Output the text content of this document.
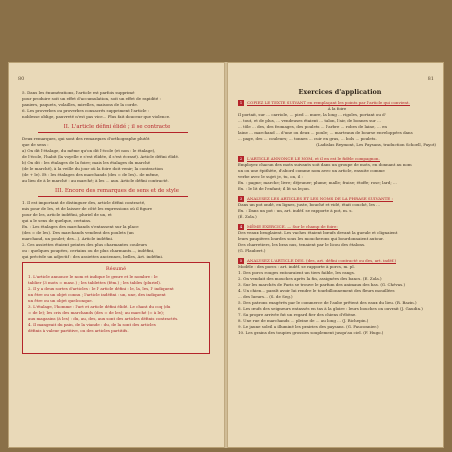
80
5. Dans les énumérations, l'article est parfois supprimé
pour produire soit un effet d'accumulation, soit un effet de rapidité :
paniers, paquets, volailles, mirelles, maisons de la corde.
6. Les proverbes ou proverbes consacrés suppriment l'article :
noblesse oblige, pauvreté n'est pas vice... Plus fait douceur que violence.
II. L'article défini élidé ; il se contracte
Deux remarques, qui sont des remarques d'orthographe plutôt
que de sens :
a) On dit l'étalage, du même qu'on dit l'école (et non : le étalage),
de l'école, l'habit (la voyelle e s'est élidée, il s'est écrasé). Article défini élidé.
b) On dit : les étalages de la foire; mais les étalages du marché
(de le marché), à la veille du jour où la foire doit venir; la contraction
(de + le). Et : les étalages des marchands (des = de les).. de même,
au lieu de à le marché : au marché; à les ... aux. Article défini contracté.
III. Encore des remarques de sens et de style
1. Il est important de distinguer des, article défini contracté,
mis pour de les, et de laisser de côté les expressions où il figure
pour de les, article indéfini, pluriel de un, et
qui a le sens de quelque, certains.
Ex. : Les étalages des marchands s'entassent sur la place
(des = de les). Des marchands vendent des poulets (un
marchand, un poulet; des...). Article indéfini.
2. Ces assiettes étaient peintes des plus charmantes couleurs
ou : quelques poupées, certains ou de plus charmants..., indéfini,
qui précède un adjectif : des assiettes anciennes, belles, Art. indéfini.
Résumé
1. L'article annonce le nom et indique le genre et le nombre : le
tablier (3 mots = masc.) ; les tablettes (fém.) ; les tables (pluriel).
2. Il y a deux sortes d'articles : le l' article défini : le, la, les, l' indiquent
un être ou un objet connu ; l'article indéfini : un, une, des indiquent
un être ou un objet quelconque.
3. L'étalage, l'homme : l'art et article défini élidé. Le chant du coq (du
= de le); les cris des marchands (des = de les); au marché (= à le);
aux magasins (à les) : du, au, des, aux sont des articles définis contractés.
4. Il mangeait du pain, de la viande : du, de la sont des articles
définis à valeur partitive, ou des articles partitifs.
81
Exercices d'application
1 COPIEZ LE TEXTE SUIVANT en remplaçant les points par l'article qui convient.
À la foire
Il portait, sur ... carriole, ... pied ... mure, la long ... rigoles, portant ou d'
... tout, et de plus, ... vendeuses étaient ... talon, l'air, de bonnes sur ...
... tôle ... des, des fromages, des poulets ... l'arbre ... robes de laine, ... en
laine ... marchand ... d'une ou deux ... poule; ... marteaux de bourse enveloppées dans
... page, des ... couleurs; ... tonnes ... cuir en gras, ... bols ... poulets.
(Ladislas Reymont, Les Paysans, traduction Schoell, Payot)
2 L'ARTICLE ANNONCE LE NOM, et il en est le fidèle compagnon.
Employez chacun des mots suivants soit dans un groupe de mots, en donnant au nom
un ou une épithète, d'abord comme nom avec un article, ensuite comme
verbe avec le sujet je, tu, on, il :
Ex. : pagne; marche; livre; déjeuner; plume; malle; fraise; étoffe; rose; lard; ...
Ex. : le lit de l'enfant; il lit sa leçon.
3 ANALYSEZ LES ARTICLES ET LES NOMS DE LA PHRASE SUIVANTE :
Dans un pot ondé, en lignes, juste, bouché et vidé, était couché, les ...
Ex. : Dans un pot : un, art. indéf. se rapporte à pot, m. s.
(É. Zola.)
4 MÊME EXERCICE. — Sur le champ de foire:
Des veaux beuglaient. Les vaches étaient bœufs devant la gueule et clignaient
leurs paupières lourdes sous les moucherons qui bourdonnaient autour.
Des charretiers, les bras nus, tenaient par le licou des étalons.
(G. Flaubert.)
5 ANALYSEZ L'ARTICLE DES. (des, art. défini contracté ou des, art. indéf.)
Modèle : des porcs : art. indéf. se rapporte à porcs, m. pl.
1. Des porcs rouges entouraient un tiers faible, les rangs.
2. On vendait des mouches après la fin, assignées des bancs. (E. Zola.)
3. Sur les marchés de Paris se trouve le parfum des animaux des bas. (G. Chévas.)
4. Un chien... paraît avoir lui rendre le tourbillonnement des fleurs mouillées
... des lueurs... (S. de Seg.)
5. Des patrons exagérés par le commerce de l'aube prêtent des eaux du lieu. (R. Bazin.)
6. Les œufs des seigneurs entassés en tas à la gloire : leurs bouches on ouvrait (J. Gaudin.)
7. Sa propre arrivée fut un regard fier des chiens d'ébène.
8. Une rue de marchands ... pleine de ... au long ... (J. Richepin.)
9. Le jaune soleil a illuminé les prairies des paysans. (G. Fauconnier.)
10. Les grains des toupies grossies souplement jusqu'au ciel. (F. Hugo.)
